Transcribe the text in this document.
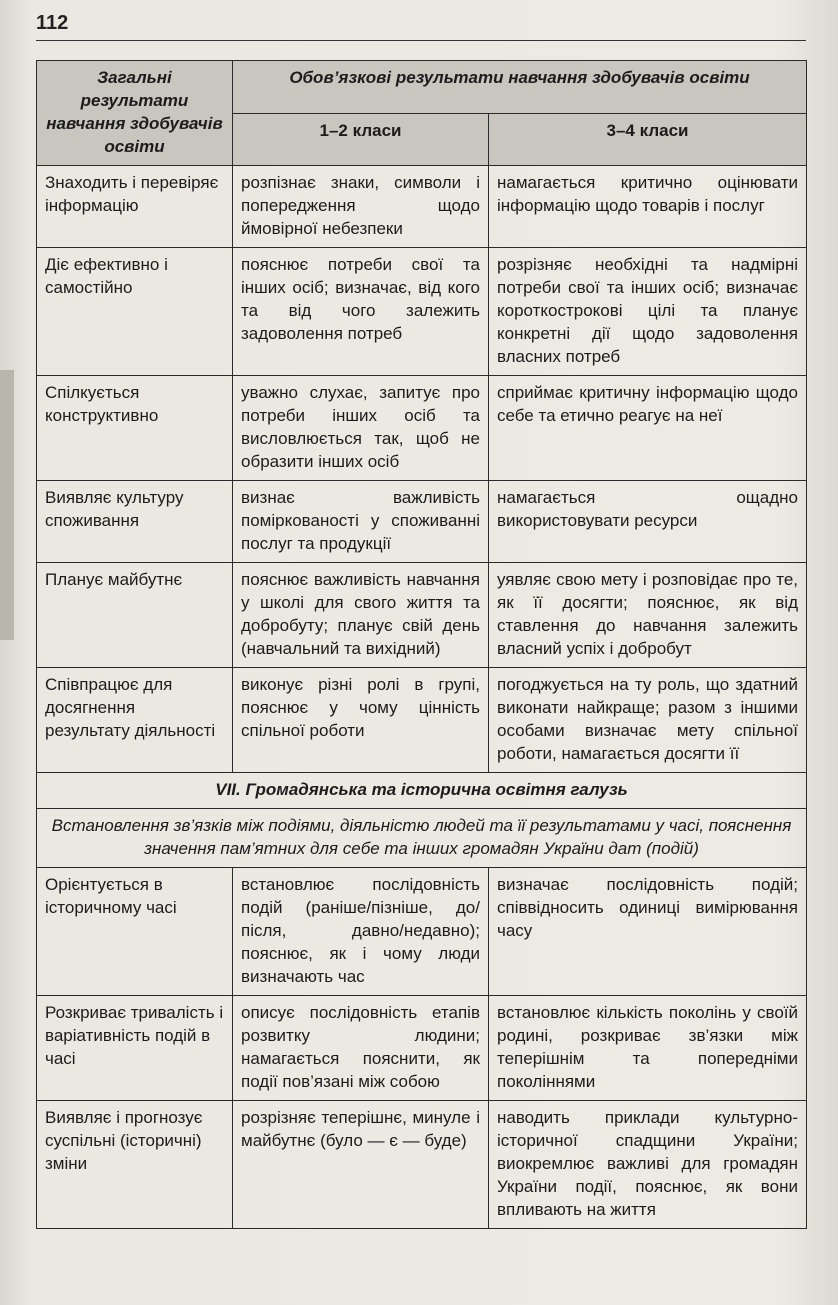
112
Загальні результати навчання здобувачів освіти	Обов’язкові результати навчання здобувачів освіти	
	1–2 класи	3–4 класи
Знаходить і перевіряє інформацію	розпізнає знаки, символи і попередження щодо ймовірної небезпеки	намагається критично оцінювати інформацію щодо товарів і послуг
Діє ефективно і самостійно	пояснює потреби свої та інших осіб; визначає, від кого та від чого залежить задоволення потреб	розрізняє необхідні та надмірні потреби свої та інших осіб; визначає короткострокові цілі та планує конкретні дії щодо задоволення власних потреб
Спілкується конструктивно	уважно слухає, запитує про потреби інших осіб та висловлюється так, щоб не образити інших осіб	сприймає критичну інформацію щодо себе та етично реагує на неї
Виявляє культуру споживання	визнає важливість поміркованості у споживанні послуг та продукції	намагається ощадно використовувати ресурси
Планує майбутнє	пояснює важливість навчання у школі для свого життя та добробуту; планує свій день (навчальний та вихідний)	уявляє свою мету і розповідає про те, як її досягти; пояснює, як від ставлення до навчання залежить власний успіх і добробут
Співпрацює для досягнення результату діяльності	виконує різні ролі в групі, пояснює у чому цінність спільної роботи	погоджується на ту роль, що здатний виконати найкраще; разом з іншими особами визначає мету спільної роботи, намагається досягти її
VII. Громадянська та історична освітня галузь		
Встановлення зв’язків між подіями, діяльністю людей та її результатами у часі, пояснення значення пам’ятних для себе та інших громадян України дат (подій)		
Орієнтується в історичному часі	встановлює послідовність подій (раніше/пізніше, до/після, давно/недавно); пояснює, як і чому люди визначають час	визначає послідовність подій; співвідносить одиниці вимірювання часу
Розкриває тривалість і варіативність подій в часі	описує послідовність етапів розвитку людини; намагається пояснити, як події пов’язані між собою	встановлює кількість поколінь у своїй родині, розкриває зв’язки між теперішнім та попередніми поколіннями
Виявляє і прогнозує суспільні (історичні) зміни	розрізняє теперішнє, минуле і майбутнє (було — є — буде)	наводить приклади культурно-історичної спадщини України; виокремлює важливі для громадян України події, пояснює, як вони впливають на життя
